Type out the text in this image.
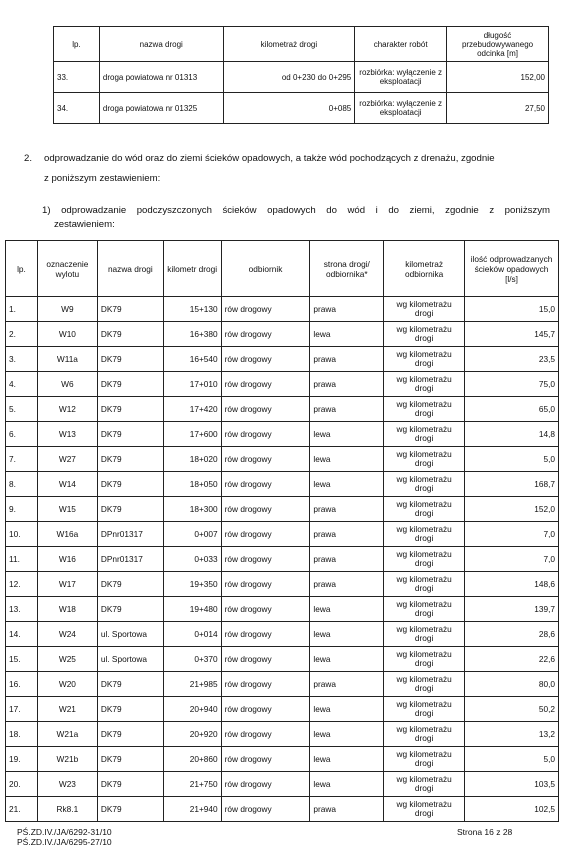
lp.	nazwa drogi	kilometraż drogi	charakter robót	długość przebudowywanego odcinka [m]
33.	droga powiatowa nr 01313	od 0+230 do 0+295	rozbiórka: wyłączenie z eksploatacji	152,00
34.	droga powiatowa nr 01325	0+085	rozbiórka: wyłączenie z eksploatacji	27,50
2. odprowadzanie do wód oraz do ziemi ścieków opadowych, a także wód pochodzących z drenażu, zgodnie
z poniższym zestawieniem:
1) odprowadzanie podczyszczonych ścieków opadowych do wód i do ziemi, zgodnie z poniższym
zestawieniem:
lp.	oznaczenie wylotu	nazwa drogi	kilometr drogi	odbiornik	strona drogi/ odbiornika*	kilometraż odbiornika	ilość odprowadzanych ścieków opadowych [l/s]
1.	W9	DK79	15+130	rów drogowy	prawa	wg kilometrażu drogi	15,0
2.	W10	DK79	16+380	rów drogowy	lewa	wg kilometrażu drogi	145,7
3.	W11a	DK79	16+540	rów drogowy	prawa	wg kilometrażu drogi	23,5
4.	W6	DK79	17+010	rów drogowy	prawa	wg kilometrażu drogi	75,0
5.	W12	DK79	17+420	rów drogowy	prawa	wg kilometrażu drogi	65,0
6.	W13	DK79	17+600	rów drogowy	lewa	wg kilometrażu drogi	14,8
7.	W27	DK79	18+020	rów drogowy	lewa	wg kilometrażu drogi	5,0
8.	W14	DK79	18+050	rów drogowy	lewa	wg kilometrażu drogi	168,7
9.	W15	DK79	18+300	rów drogowy	prawa	wg kilometrażu drogi	152,0
10.	W16a	DPnr01317	0+007	rów drogowy	prawa	wg kilometrażu drogi	7,0
11.	W16	DPnr01317	0+033	rów drogowy	prawa	wg kilometrażu drogi	7,0
12.	W17	DK79	19+350	rów drogowy	prawa	wg kilometrażu drogi	148,6
13.	W18	DK79	19+480	rów drogowy	lewa	wg kilometrażu drogi	139,7
14.	W24	ul. Sportowa	0+014	rów drogowy	lewa	wg kilometrażu drogi	28,6
15.	W25	ul. Sportowa	0+370	rów drogowy	lewa	wg kilometrażu drogi	22,6
16.	W20	DK79	21+985	rów drogowy	prawa	wg kilometrażu drogi	80,0
17.	W21	DK79	20+940	rów drogowy	lewa	wg kilometrażu drogi	50,2
18.	W21a	DK79	20+920	rów drogowy	lewa	wg kilometrażu drogi	13,2
19.	W21b	DK79	20+860	rów drogowy	lewa	wg kilometrażu drogi	5,0
20.	W23	DK79	21+750	rów drogowy	lewa	wg kilometrażu drogi	103,5
21.	Rk8.1	DK79	21+940	rów drogowy	prawa	wg kilometrażu drogi	102,5
PŚ.ZD.IV./JA/6292-31/10
PŚ.ZD.IV./JA/6295-27/10
Strona 16 z 28
